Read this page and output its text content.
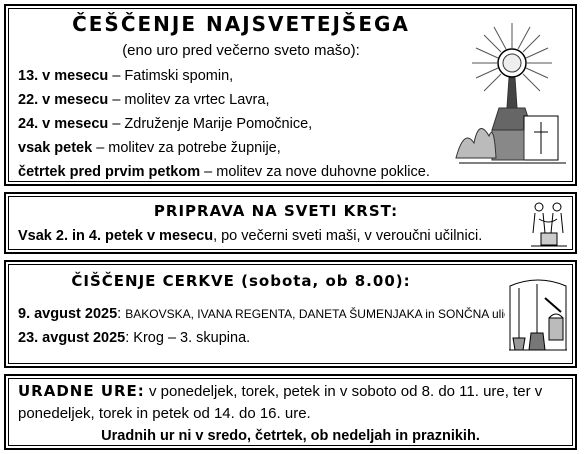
ČEŠČENJE NAJSVETEJŠEGA
(eno uro pred večerno sveto mašo):
13. v mesecu – Fatimski spomin,
22. v mesecu – molitev za vrtec Lavra,
24. v mesecu – Združenje Marije Pomočnice,
vsak petek – molitev za potrebe župnije,
četrtek pred prvim petkom – molitev za nove duhovne poklice.
PRIPRAVA NA SVETI KRST:
Vsak 2. in 4. petek v mesecu, po večerni sveti maši, v veroučni učilnici.
ČIŠČENJE CERKVE (sobota, ob 8.00):
9. avgust 2025: BAKOVSKA, IVANA REGENTA, DANETA ŠUMENJAKA in SONČNA ulic
23. avgust 2025: Krog – 3. skupina.
URADNE URE: v ponedeljek, torek, petek in v soboto od 8. do 11. ure, ter v
ponedeljek, torek in petek od 14. do 16. ure.
Uradnih ur ni v sredo, četrtek, ob nedeljah in praznikih.
